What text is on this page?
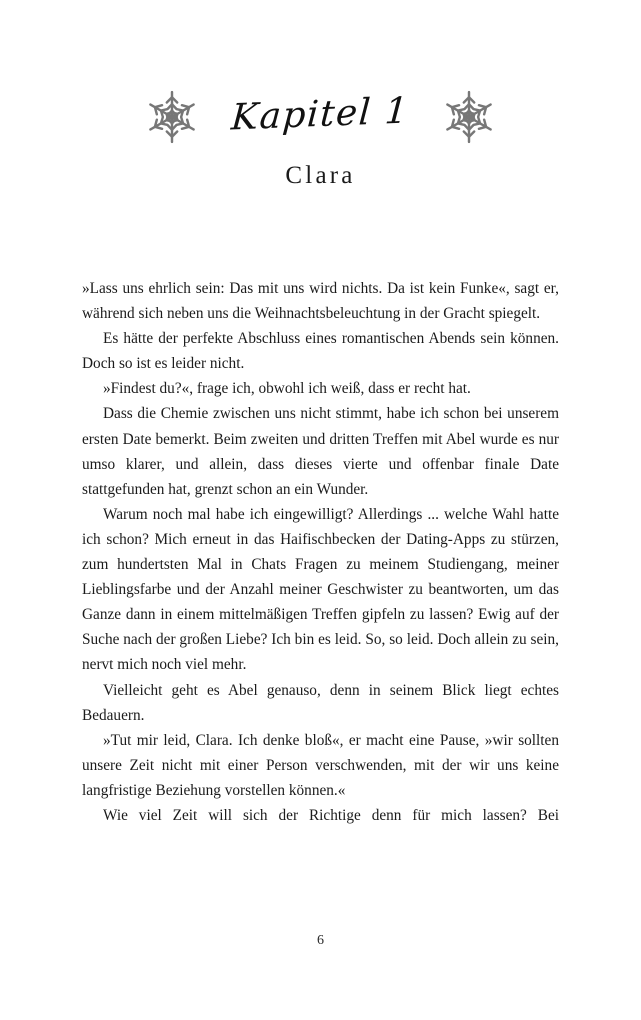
Kapitel 1
Clara

»Lass uns ehrlich sein: Das mit uns wird nichts. Da ist kein Funke«, sagt er, während sich neben uns die Weihnachtsbeleuchtung in der Gracht spiegelt.

Es hätte der perfekte Abschluss eines romantischen Abends sein können. Doch so ist es leider nicht.

»Findest du?«, frage ich, obwohl ich weiß, dass er recht hat.

Dass die Chemie zwischen uns nicht stimmt, habe ich schon bei unserem ersten Date bemerkt. Beim zweiten und dritten Treffen mit Abel wurde es nur umso klarer, und allein, dass dieses vierte und offenbar finale Date stattgefunden hat, grenzt schon an ein Wunder.

Warum noch mal habe ich eingewilligt? Allerdings ... welche Wahl hatte ich schon? Mich erneut in das Haifischbecken der Dating-Apps zu stürzen, zum hundertsten Mal in Chats Fragen zu meinem Studiengang, meiner Lieblingsfarbe und der Anzahl meiner Geschwister zu beantworten, um das Ganze dann in einem mittelmäßigen Treffen gipfeln zu lassen? Ewig auf der Suche nach der großen Liebe? Ich bin es leid. So, so leid. Doch allein zu sein, nervt mich noch viel mehr.

Vielleicht geht es Abel genauso, denn in seinem Blick liegt echtes Bedauern.

»Tut mir leid, Clara. Ich denke bloß«, er macht eine Pause, »wir sollten unsere Zeit nicht mit einer Person verschwenden, mit der wir uns keine langfristige Beziehung vorstellen können.«

Wie viel Zeit will sich der Richtige denn für mich lassen? Bei

6
